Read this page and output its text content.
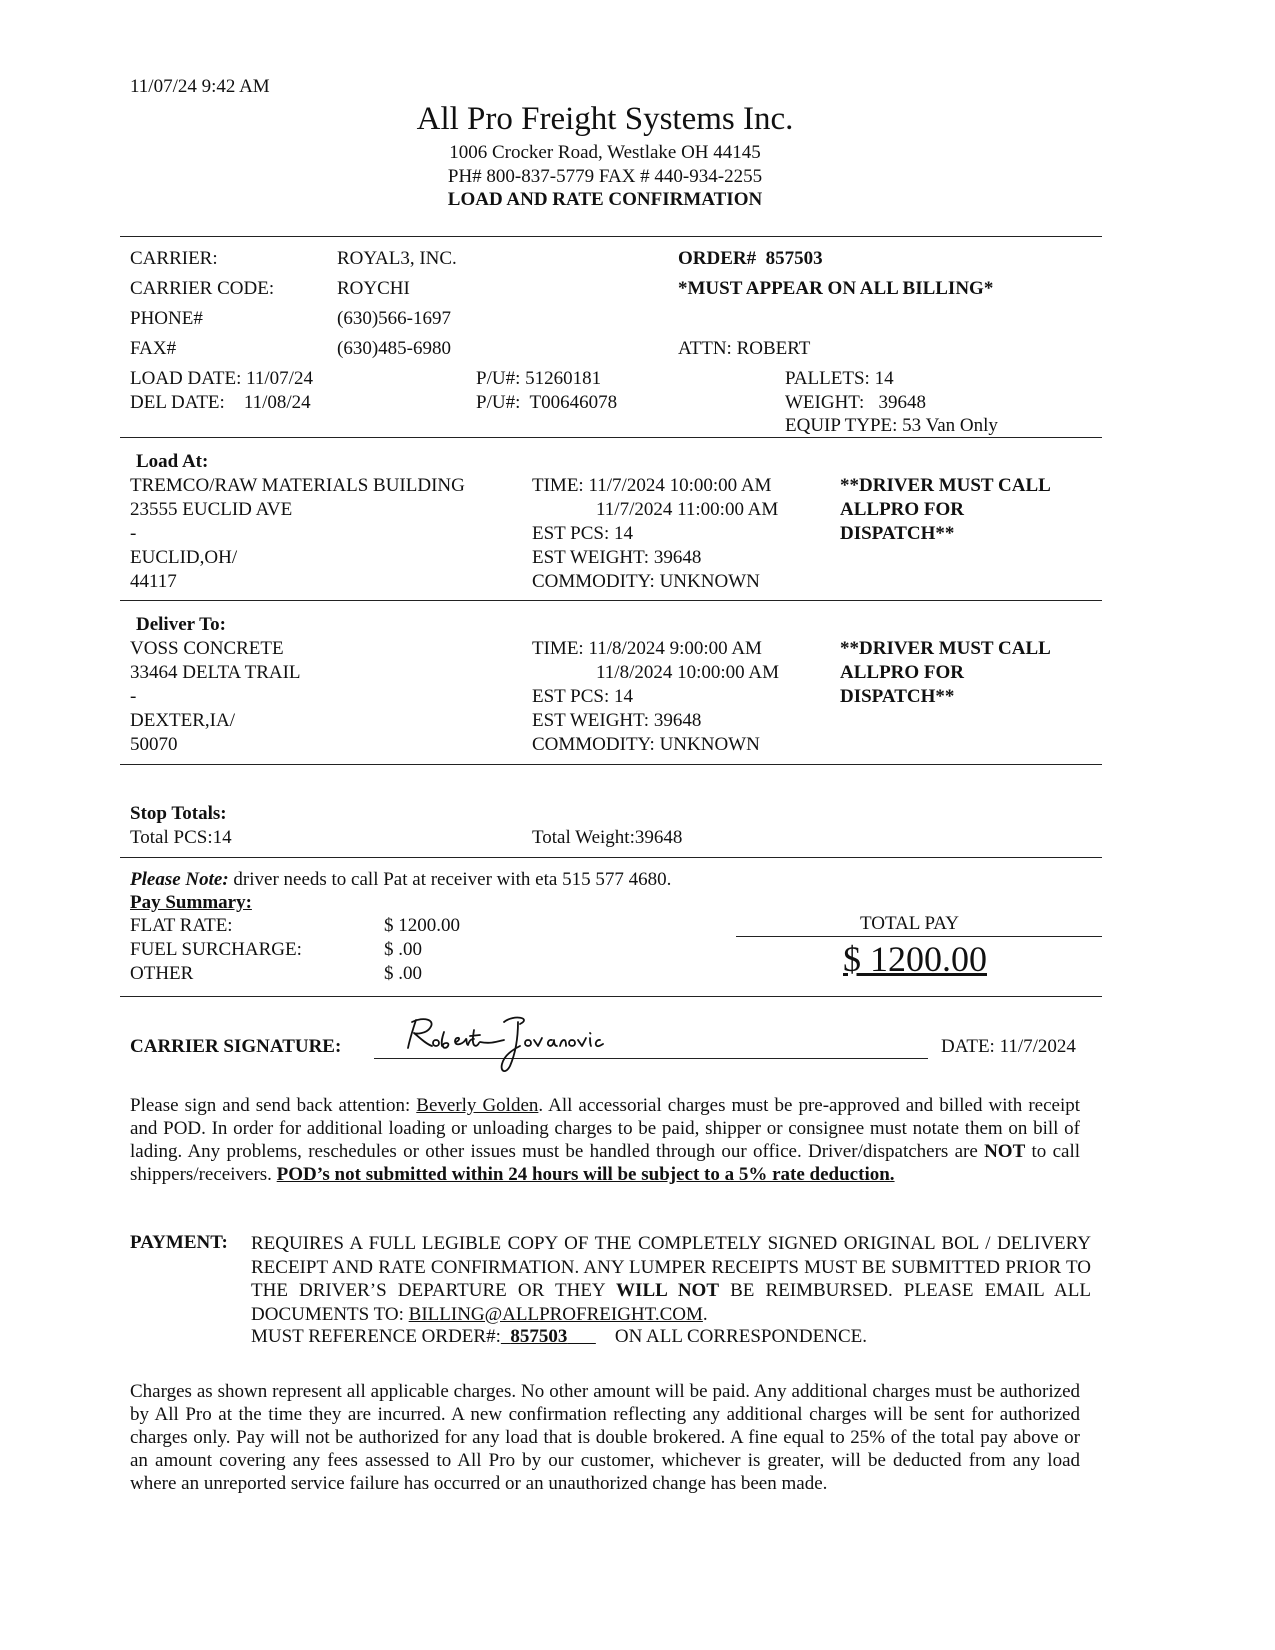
11/07/24 9:42 AM
All Pro Freight Systems Inc.
1006 Crocker Road, Westlake OH 44145
PH# 800-837-5779 FAX # 440-934-2255
LOAD AND RATE CONFIRMATION
CARRIER:	ROYAL3, INC.
CARRIER CODE:	ROYCHI
PHONE#	(630)566-1697
FAX#	(630)485-6980
ORDER# 857503
*MUST APPEAR ON ALL BILLING*
ATTN: ROBERT
LOAD DATE: 11/07/24
DEL DATE: 11/08/24
P/U#: 51260181
P/U#: T00646078
PALLETS: 14
WEIGHT: 39648
EQUIP TYPE: 53 Van Only
Load At:
TREMCO/RAW MATERIALS BUILDING
23555 EUCLID AVE
-
EUCLID,OH/
44117
TIME: 11/7/2024 10:00:00 AM
11/7/2024 11:00:00 AM
EST PCS: 14
EST WEIGHT: 39648
COMMODITY: UNKNOWN
**DRIVER MUST CALL
ALLPRO FOR
DISPATCH**
Deliver To:
VOSS CONCRETE
33464 DELTA TRAIL
-
DEXTER,IA/
50070
TIME: 11/8/2024 9:00:00 AM
11/8/2024 10:00:00 AM
EST PCS: 14
EST WEIGHT: 39648
COMMODITY: UNKNOWN
**DRIVER MUST CALL
ALLPRO FOR
DISPATCH**
Stop Totals:
Total PCS:14	Total Weight:39648
Please Note: driver needs to call Pat at receiver with eta 515 577 4680.
Pay Summary:
FLAT RATE:	$ 1200.00
FUEL SURCHARGE:	$ .00
OTHER	$ .00
TOTAL PAY
$ 1200.00
CARRIER SIGNATURE:	DATE: 11/7/2024
Please sign and send back attention: Beverly Golden. All accessorial charges must be pre-approved and billed with receipt and POD. In order for additional loading or unloading charges to be paid, shipper or consignee must notate them on bill of lading. Any problems, reschedules or other issues must be handled through our office. Driver/dispatchers are NOT to call shippers/receivers. POD’s not submitted within 24 hours will be subject to a 5% rate deduction.
PAYMENT: REQUIRES A FULL LEGIBLE COPY OF THE COMPLETELY SIGNED ORIGINAL BOL / DELIVERY RECEIPT AND RATE CONFIRMATION. ANY LUMPER RECEIPTS MUST BE SUBMITTED PRIOR TO THE DRIVER’S DEPARTURE OR THEY WILL NOT BE REIMBURSED. PLEASE EMAIL ALL DOCUMENTS TO: BILLING@ALLPROFREIGHT.COM.
MUST REFERENCE ORDER#: 857503	ON ALL CORRESPONDENCE.
Charges as shown represent all applicable charges. No other amount will be paid. Any additional charges must be authorized by All Pro at the time they are incurred. A new confirmation reflecting any additional charges will be sent for authorized charges only. Pay will not be authorized for any load that is double brokered. A fine equal to 25% of the total pay above or an amount covering any fees assessed to All Pro by our customer, whichever is greater, will be deducted from any load where an unreported service failure has occurred or an unauthorized change has been made.
